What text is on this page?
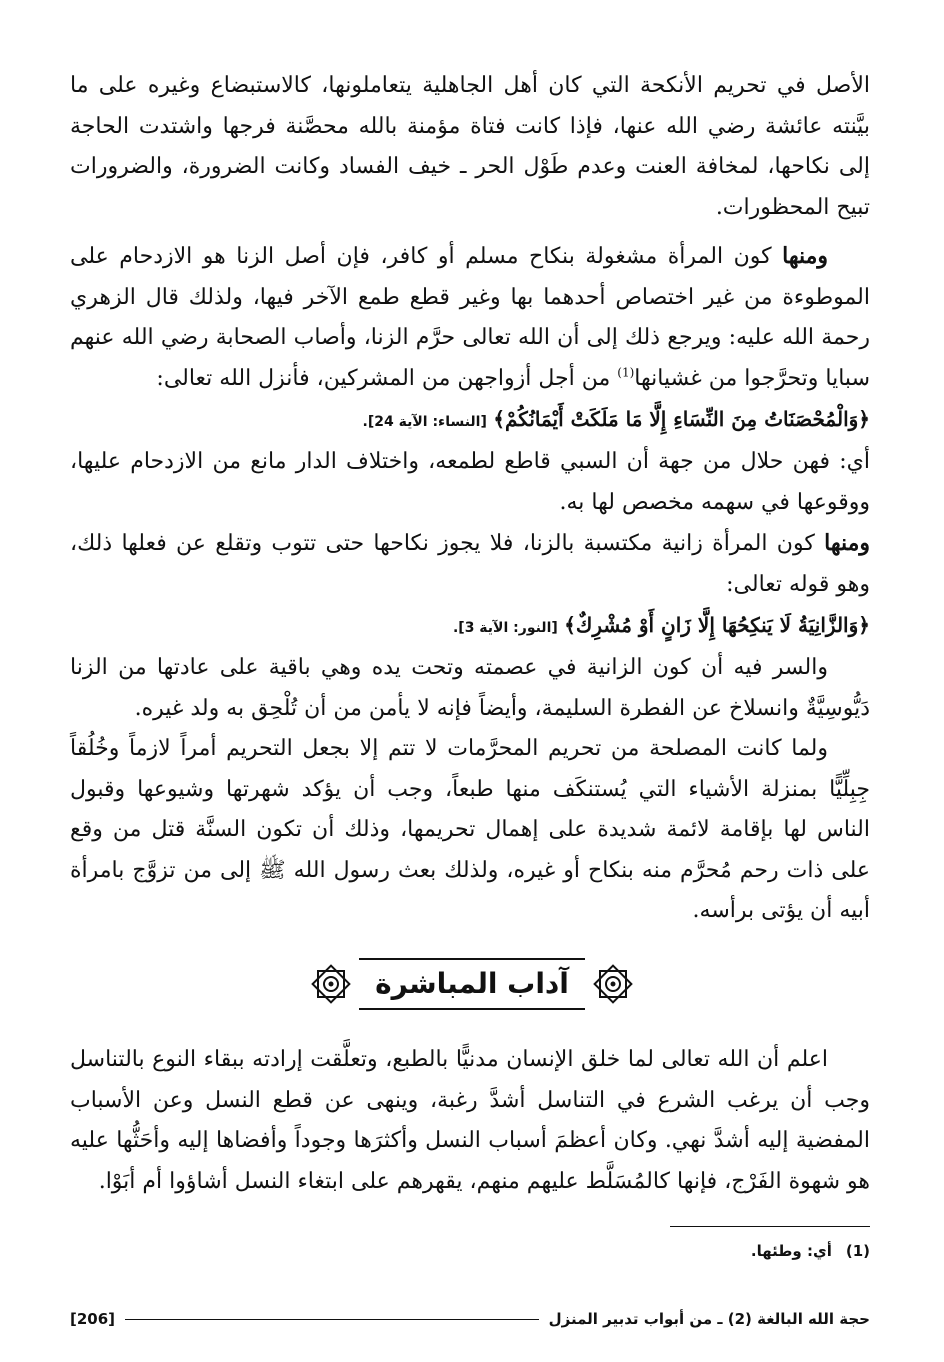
الأصل في تحريم الأنكحة التي كان أهل الجاهلية يتعاملونها، كالاستبضاع وغيره على ما بيَّنته عائشة رضي الله عنها، فإذا كانت فتاة مؤمنة بالله محصَّنة فرجها واشتدت الحاجة إلى نكاحها، لمخافة العنت وعدم طَوْل الحر ـ خيف الفساد وكانت الضرورة، والضرورات تبيح المحظورات.

ومنها كون المرأة مشغولة بنكاح مسلم أو كافر، فإن أصل الزنا هو الازدحام على الموطوءة من غير اختصاص أحدهما بها وغير قطع طمع الآخر فيها، ولذلك قال الزهري رحمة الله عليه: ويرجع ذلك إلى أن الله تعالى حرَّم الزنا، وأصاب الصحابة رضي الله عنهم سبايا وتحرَّجوا من غشيانها$^{(1)}$ من أجل أزواجهن من المشركين، فأنزل الله تعالى:

﴿وَالْمُحْصَنَاتُ مِنَ النِّسَاءِ إِلَّا مَا مَلَكَتْ أَيْمَانُكُمْ﴾ [النساء: الآية 24].

أي: فهن حلال من جهة أن السبي قاطع لطمعه، واختلاف الدار مانع من الازدحام عليها، ووقوعها في سهمه مخصص لها به.

ومنها كون المرأة زانية مكتسبة بالزنا، فلا يجوز نكاحها حتى تتوب وتقلع عن فعلها ذلك، وهو قوله تعالى:

﴿وَالزَّانِيَةُ لَا يَنكِحُهَا إِلَّا زَانٍ أَوْ مُشْرِكٌ﴾ [النور: الآية 3].

والسر فيه أن كون الزانية في عصمته وتحت يده وهي باقية على عادتها من الزنا دَيُّوسِيَّةٌ وانسلاخ عن الفطرة السليمة، وأيضاً فإنه لا يأمن من أن تُلْحِق به ولد غيره.

ولما كانت المصلحة من تحريم المحرَّمات لا تتم إلا بجعل التحريم أمراً لازماً وخُلُقاً جِبِلِّيًّا بمنزلة الأشياء التي يُستنكَف منها طبعاً، وجب أن يؤكد شهرتها وشيوعها وقبول الناس لها بإقامة لائمة شديدة على إهمال تحريمها، وذلك أن تكون السنَّة قتل من وقع على ذات رحم مُحرَّم منه بنكاح أو غيره، ولذلك بعث رسول الله ﷺ إلى من تزوَّج بامرأة أبيه أن يؤتى برأسه.

آداب المباشرة

اعلم أن الله تعالى لما خلق الإنسان مدنيًّا بالطبع، وتعلَّقت إرادته ببقاء النوع بالتناسل وجب أن يرغب الشرع في التناسل أشدَّ رغبة، وينهى عن قطع النسل وعن الأسباب المفضية إليه أشدَّ نهي. وكان أعظمَ أسباب النسل وأكثرَها وجوداً وأفضاها إليه وأحَثُّها عليه هو شهوة الفَرْج، فإنها كالمُسَلَّط عليهم منهم، يقهرهم على ابتغاء النسل أشاؤوا أم أبَوْا.

(1)أي: وطئها.
حجة الله البالغة (2) ـ من أبواب تدبير المنزل
[206]
